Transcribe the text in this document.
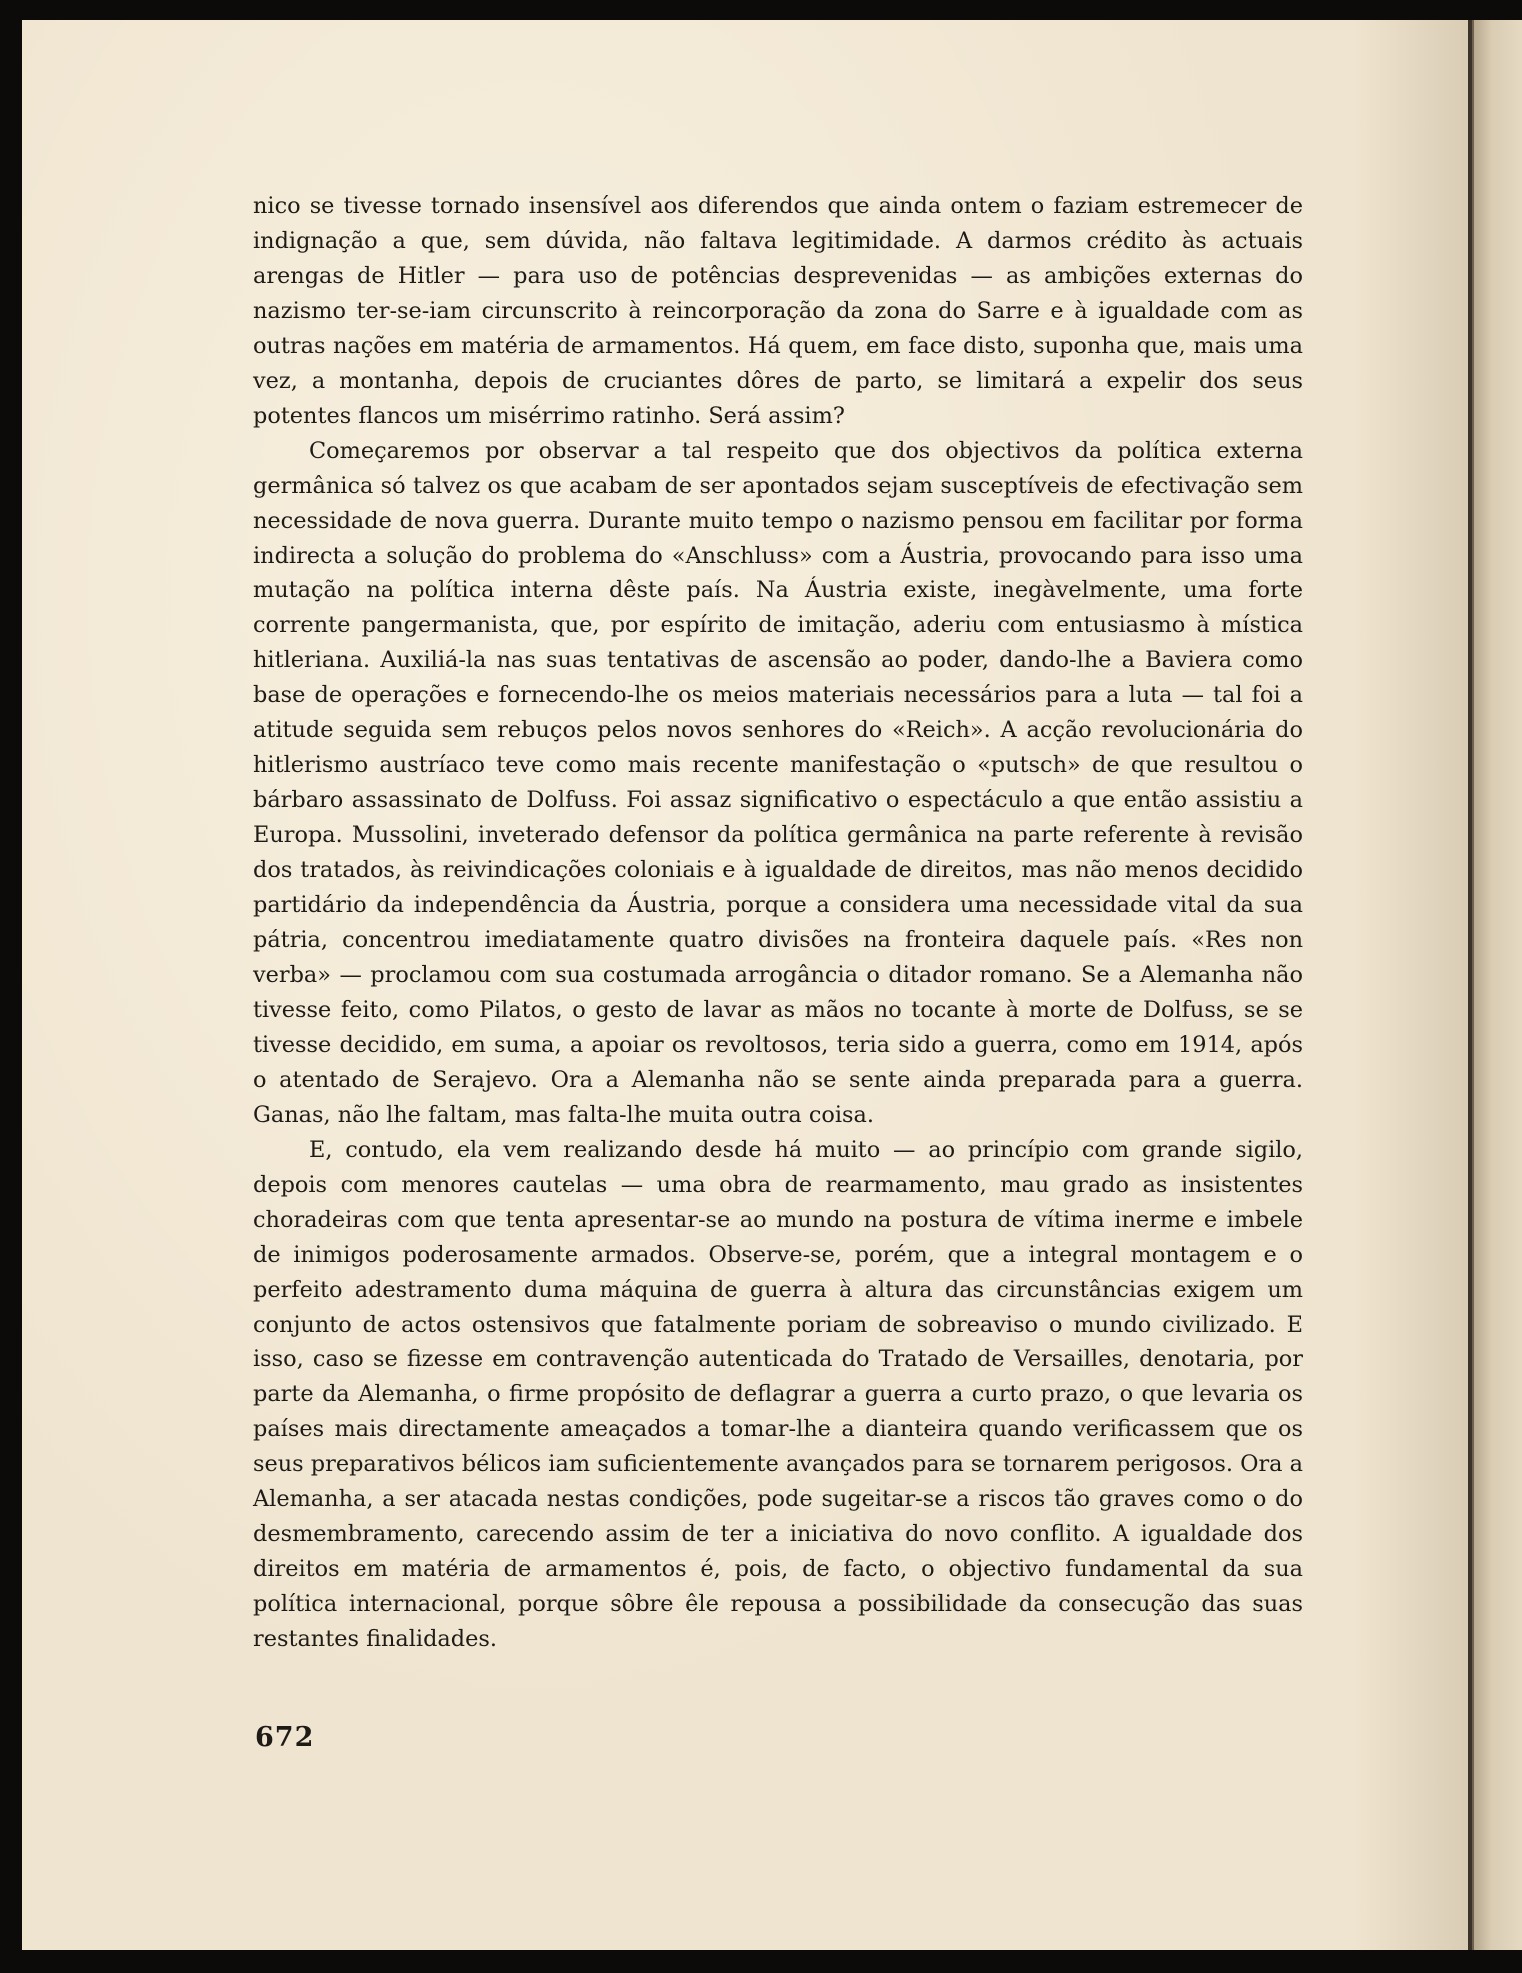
nico se tivesse tornado insensível aos diferendos que ainda ontem o faziam estremecer de indignação a que, sem dúvida, não faltava legitimidade. A darmos crédito às actuais arengas de Hitler — para uso de potências desprevenidas — as ambições externas do nazismo ter-se-iam circunscrito à reincorporação da zona do Sarre e à igualdade com as outras nações em matéria de armamentos. Há quem, em face disto, suponha que, mais uma vez, a montanha, depois de cruciantes dôres de parto, se limitará a expelir dos seus potentes flancos um misérrimo ratinho. Será assim?

Começaremos por observar a tal respeito que dos objectivos da política externa germânica só talvez os que acabam de ser apontados sejam susceptíveis de efectivação sem necessidade de nova guerra. Durante muito tempo o nazismo pensou em facilitar por forma indirecta a solução do problema do «Anschluss» com a Áustria, provocando para isso uma mutação na política interna dêste país. Na Áustria existe, inegàvelmente, uma forte corrente pangermanista, que, por espírito de imitação, aderiu com entusiasmo à mística hitleriana. Auxiliá-la nas suas tentativas de ascensão ao poder, dando-lhe a Baviera como base de operações e fornecendo-lhe os meios materiais necessários para a luta — tal foi a atitude seguida sem rebuços pelos novos senhores do «Reich». A acção revolucionária do hitlerismo austríaco teve como mais recente manifestação o «putsch» de que resultou o bárbaro assassinato de Dolfuss. Foi assaz significativo o espectáculo a que então assistiu a Europa. Mussolini, inveterado defensor da política germânica na parte referente à revisão dos tratados, às reivindicações coloniais e à igualdade de direitos, mas não menos decidido partidário da independência da Áustria, porque a considera uma necessidade vital da sua pátria, concentrou imediatamente quatro divisões na fronteira daquele país. «Res non verba» — proclamou com sua costumada arrogância o ditador romano. Se a Alemanha não tivesse feito, como Pilatos, o gesto de lavar as mãos no tocante à morte de Dolfuss, se se tivesse decidido, em suma, a apoiar os revoltosos, teria sido a guerra, como em 1914, após o atentado de Serajevo. Ora a Alemanha não se sente ainda preparada para a guerra. Ganas, não lhe faltam, mas falta-lhe muita outra coisa.

E, contudo, ela vem realizando desde há muito — ao princípio com grande sigilo, depois com menores cautelas — uma obra de rearmamento, mau grado as insistentes choradeiras com que tenta apresentar-se ao mundo na postura de vítima inerme e imbele de inimigos poderosamente armados. Observe-se, porém, que a integral montagem e o perfeito adestramento duma máquina de guerra à altura das circunstâncias exigem um conjunto de actos ostensivos que fatalmente poriam de sobreaviso o mundo civilizado. E isso, caso se fizesse em contravenção autenticada do Tratado de Versailles, denotaria, por parte da Alemanha, o firme propósito de deflagrar a guerra a curto prazo, o que levaria os países mais directamente ameaçados a tomar-lhe a dianteira quando verificassem que os seus preparativos bélicos iam suficientemente avançados para se tornarem perigosos. Ora a Alemanha, a ser atacada nestas condições, pode sugeitar-se a riscos tão graves como o do desmembramento, carecendo assim de ter a iniciativa do novo conflito. A igualdade dos direitos em matéria de armamentos é, pois, de facto, o objectivo fundamental da sua política internacional, porque sôbre êle repousa a possibilidade da consecução das suas restantes finalidades.

672
